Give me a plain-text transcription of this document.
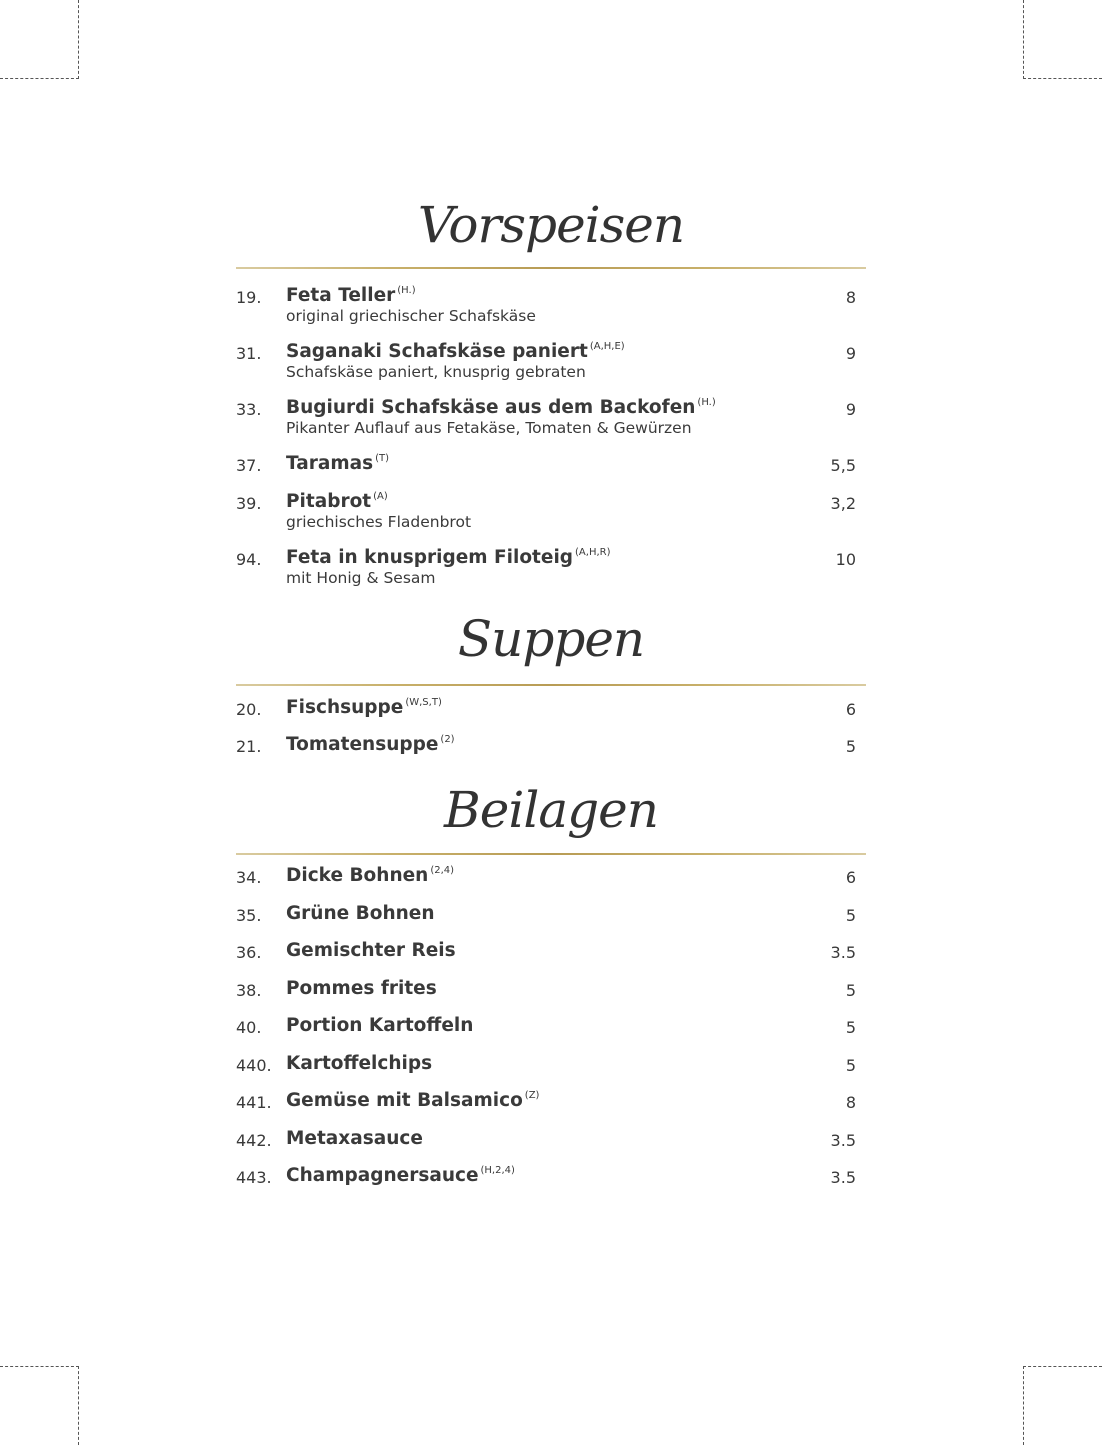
Vorspeisen
19. Feta Teller $^{(H.)}$
original griechischer Schafskäse
8
31. Saganaki Schafskäse paniert $^{(A,H,E)}$
Schafskäse paniert, knusprig gebraten
9
33. Bugiurdi Schafskäse aus dem Backofen $^{(H.)}$
Pikanter Auflauf aus Fetakäse, Tomaten & Gewürzen
9
37. Taramas $^{(T)}$	5,5
39. Pitabrot $^{(A)}$
griechisches Fladenbrot
3,2
94. Feta in knusprigem Filoteig $^{(A,H,R)}$
mit Honig & Sesam
10
Suppen
20. Fischsuppe $^{(W,S,T)}$	6
21. Tomatensuppe $^{(2)}$	5
Beilagen
34. Dicke Bohnen $^{(2,4)}$	6
35. Grüne Bohnen	5
36. Gemischter Reis	3.5
38. Pommes frites	5
40. Portion Kartoffeln	5
440. Kartoffelchips	5
441. Gemüse mit Balsamico $^{(Z)}$	8
442. Metaxasauce	3.5
443. Champagnersauce $^{(H,2,4)}$	3.5
